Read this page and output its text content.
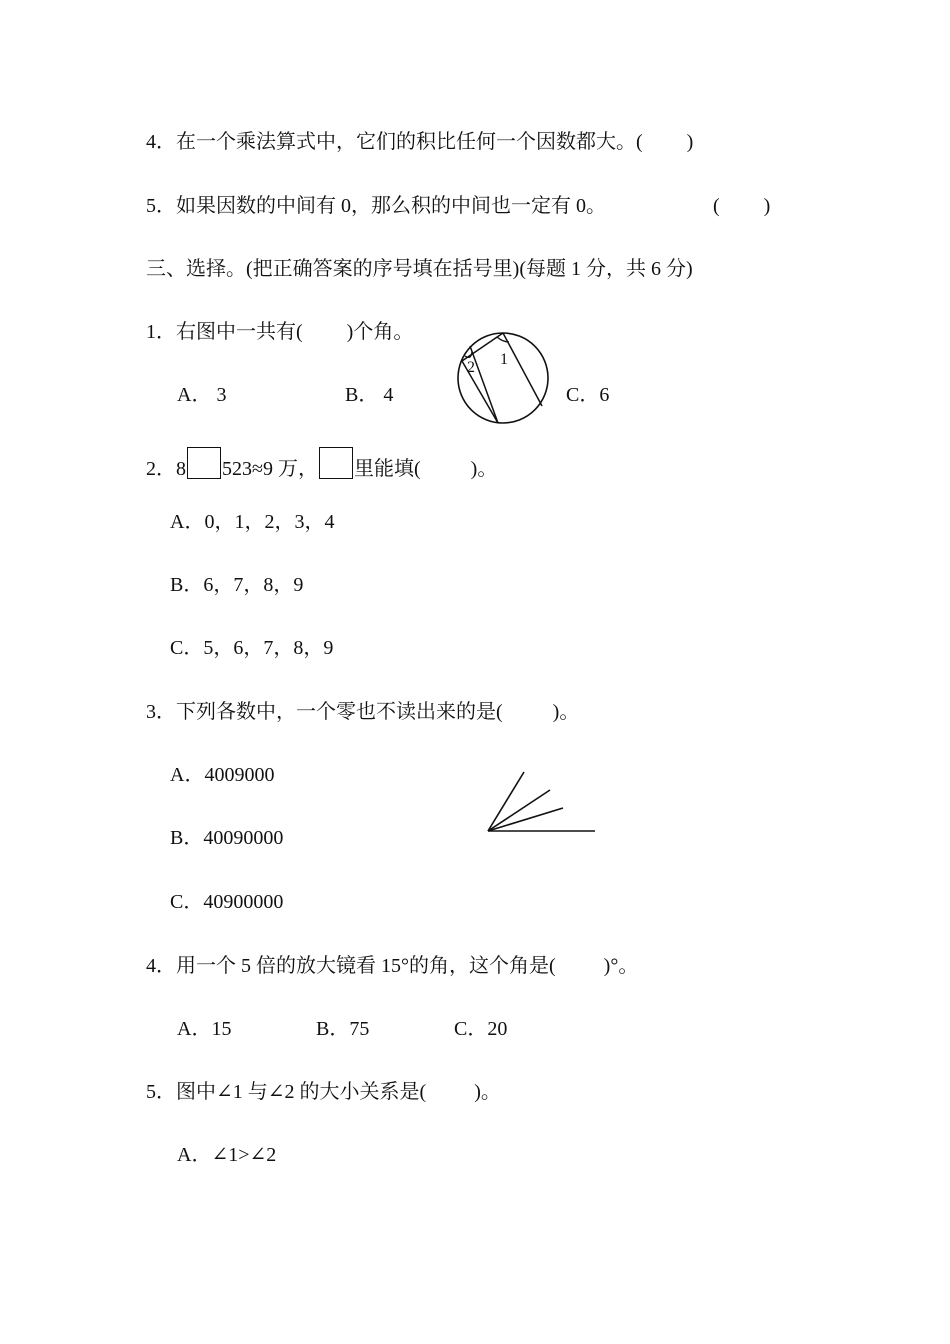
4．在一个乘法算式中，它们的积比任何一个因数都大。( )
5．如果因数的中间有 0，那么积的中间也一定有 0。	( )
三、选择。(把正确答案的序号填在括号里)(每题 1 分，共 6 分)
1．右图中一共有( )个角。
A． 3	B． 4	C．6
1
2
2．8 523≈9 万， 里能填(	)。
A．0，1，2，3，4
B．6，7，8，9
C．5，6，7，8，9
3．下列各数中，一个零也不读出来的是(	)。
A．4009000
B．40090000
C．40900000
4．用一个 5 倍的放大镜看 15°的角，这个角是( )°。
A．15	B．75	C．20
5．图中∠1 与∠2 的大小关系是( )。
A．∠1>∠2
